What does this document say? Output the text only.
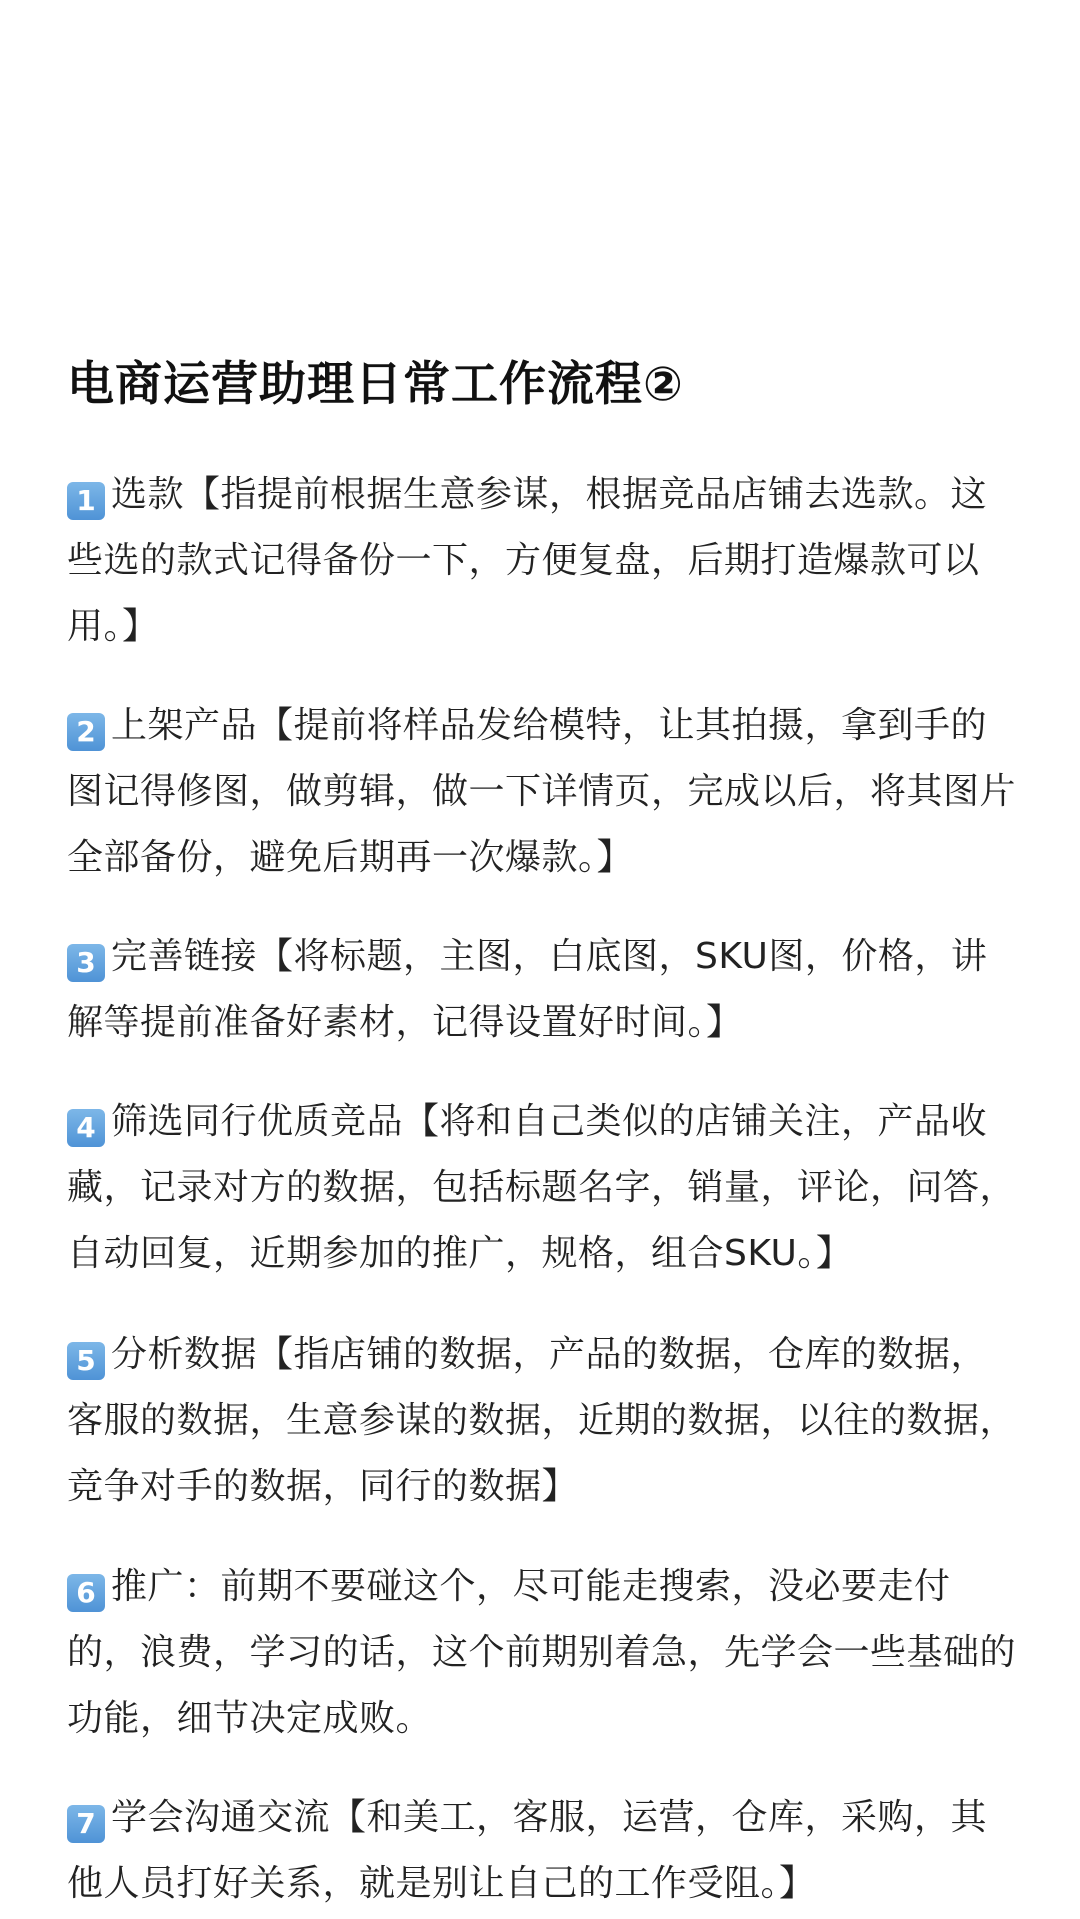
电商运营助理日常工作流程②
1 选款【指提前根据生意参谋，根据竞品店铺去选款。这些选的款式记得备份一下，方便复盘，后期打造爆款可以用。】
2 上架产品【提前将样品发给模特，让其拍摄，拿到手的图记得修图，做剪辑，做一下详情页，完成以后，将其图片全部备份，避免后期再一次爆款。】
3 完善链接【将标题，主图，白底图，SKU图，价格，讲解等提前准备好素材，记得设置好时间。】
4 筛选同行优质竞品【将和自己类似的店铺关注，产品收藏，记录对方的数据，包括标题名字，销量，评论，问答，自动回复，近期参加的推广，规格，组合SKU。】
5 分析数据【指店铺的数据，产品的数据，仓库的数据，客服的数据，生意参谋的数据，近期的数据，以往的数据，竞争对手的数据，同行的数据】
6 推广：前期不要碰这个，尽可能走搜索，没必要走付的，浪费，学习的话，这个前期别着急，先学会一些基础的功能，细节决定成败。
7 学会沟通交流【和美工，客服，运营，仓库，采购，其他人员打好关系，就是别让自己的工作受阻。】
